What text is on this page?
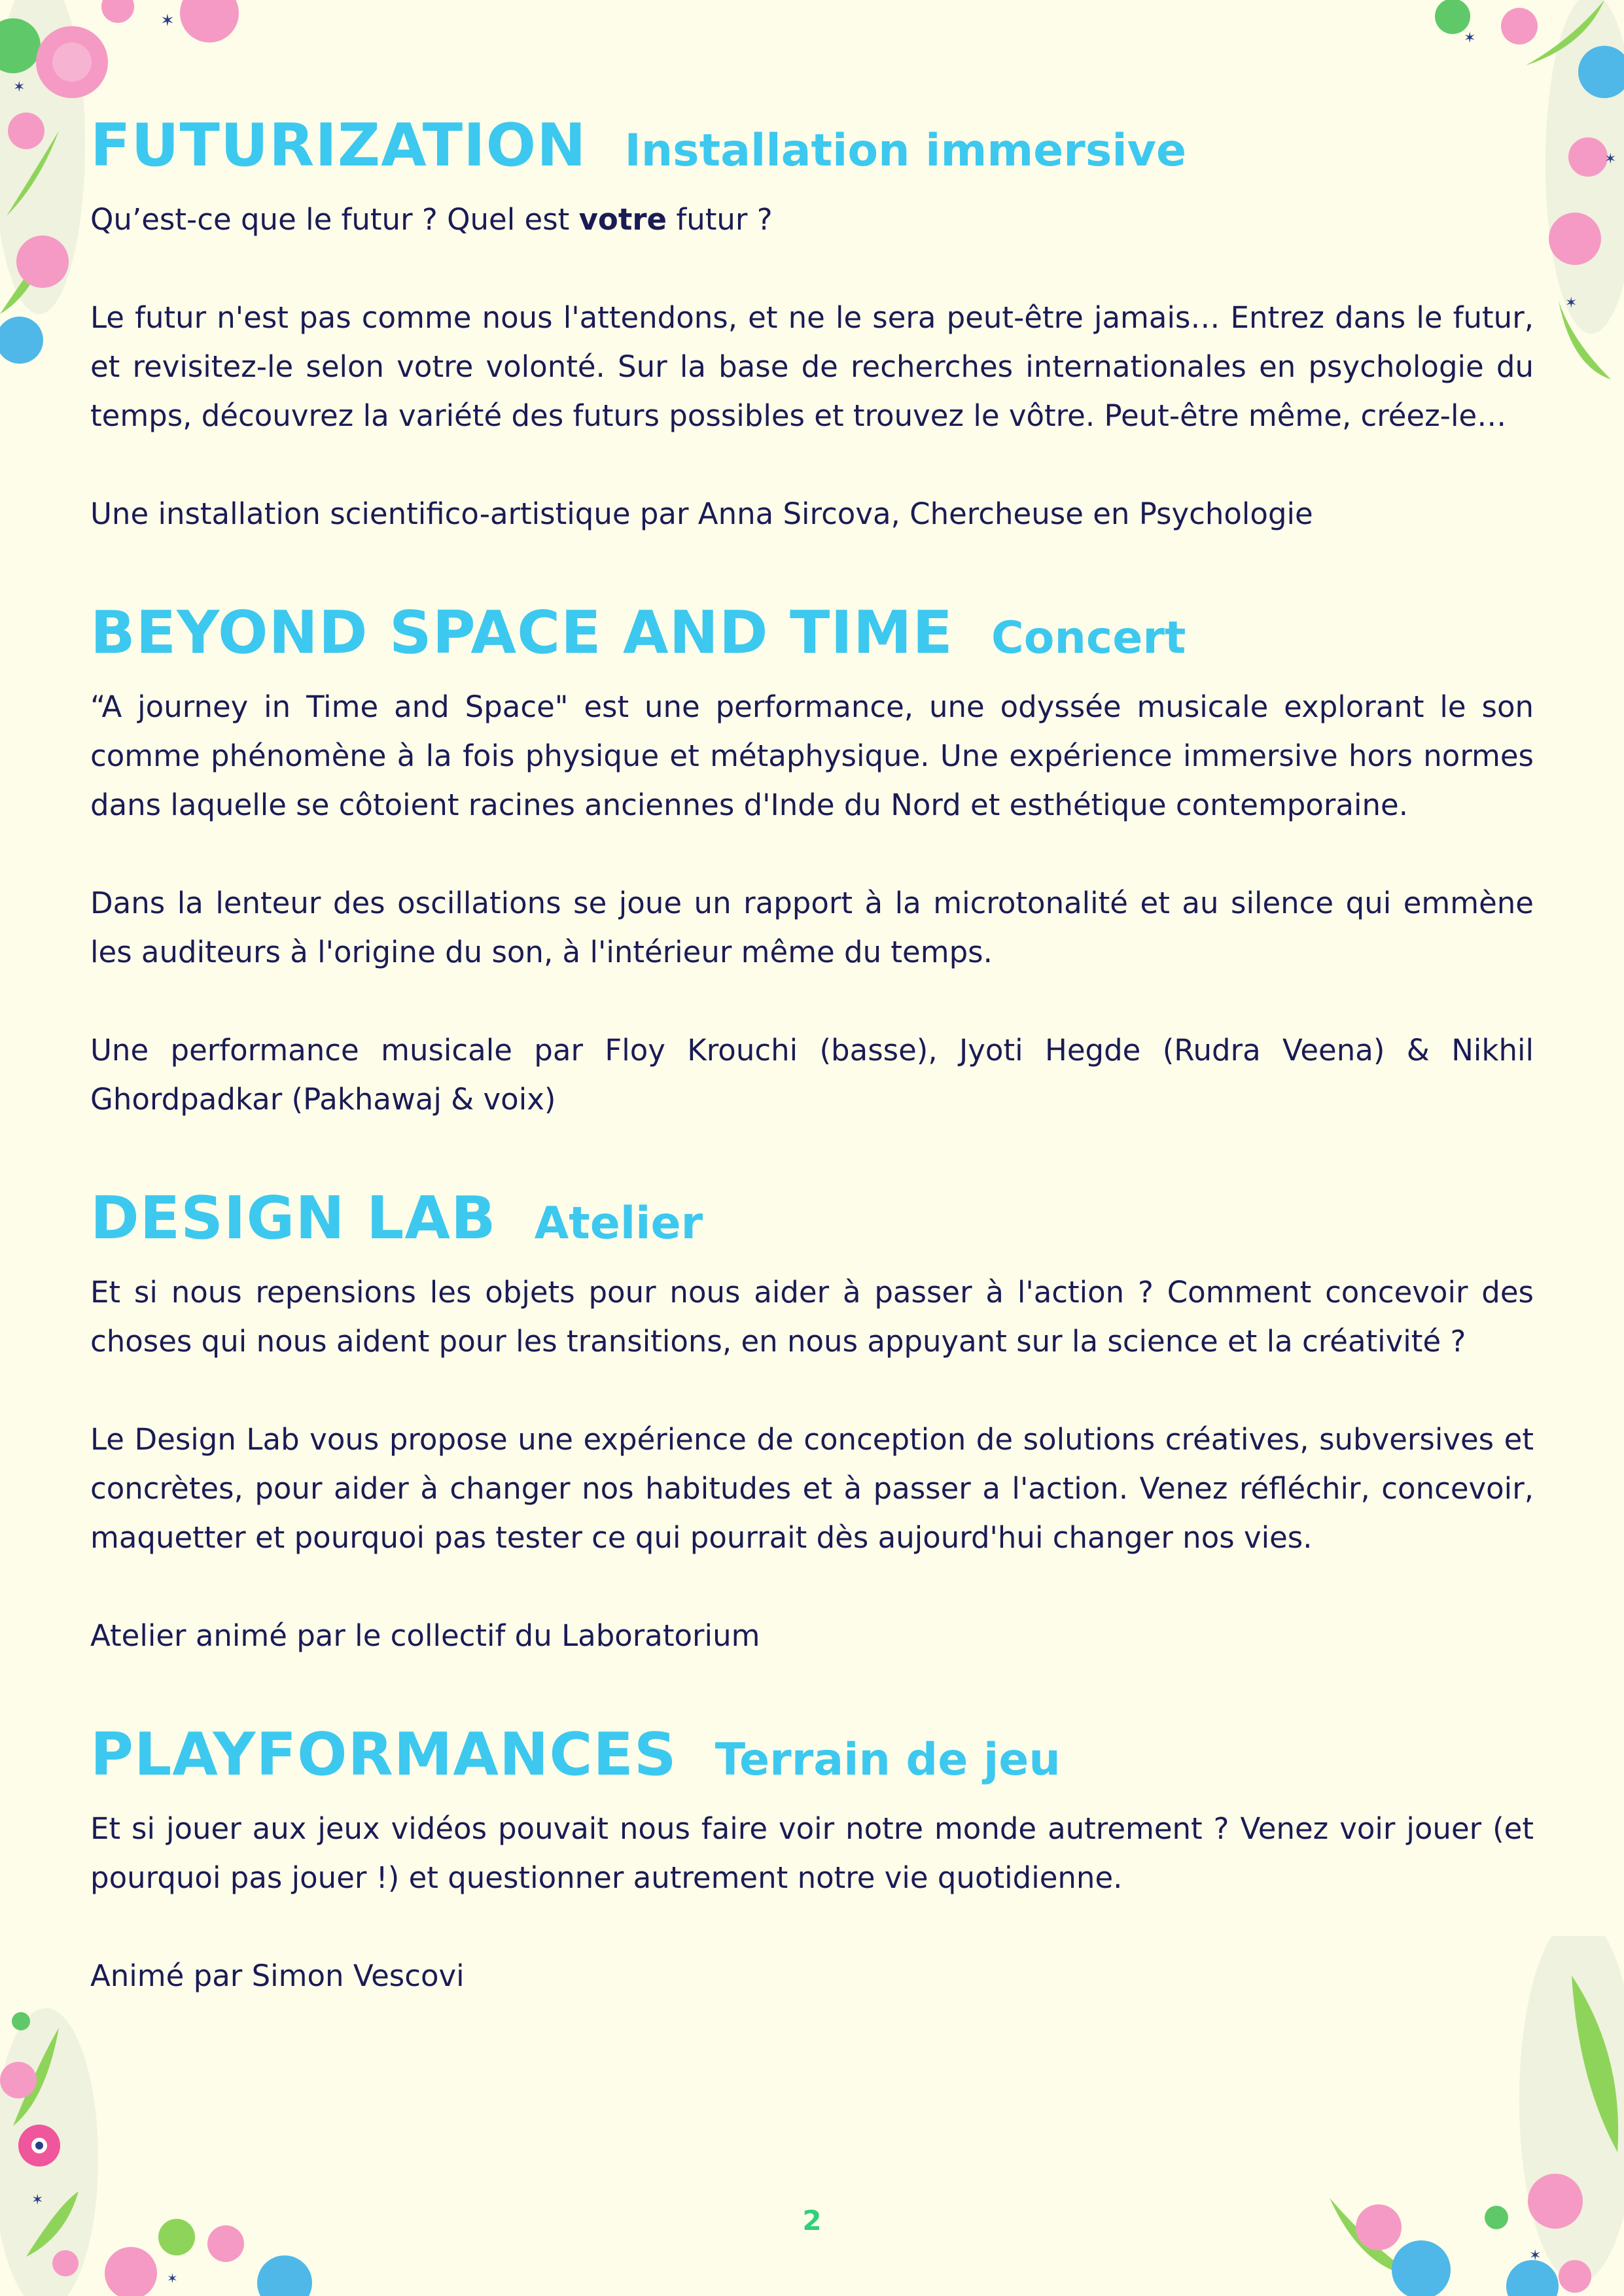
✶
✶
✶
✶
✶
✶
✶
✶
FUTURIZATION Installation immersive

Qu’est-ce que le futur ? Quel est votre futur ?

Le futur n'est pas comme nous l'attendons, et ne le sera peut-être jamais… Entrez dans le futur, et revisitez-le selon votre volonté. Sur la base de recherches internationales en psychologie du temps, découvrez la variété des futurs possibles et trouvez le vôtre. Peut-être même, créez-le…

Une installation scientifico-artistique par Anna Sircova, Chercheuse en Psychologie

BEYOND SPACE AND TIME Concert

“A journey in Time and Space" est une performance, une odyssée musicale explorant le son comme phénomène à la fois physique et métaphysique. Une expérience immersive hors normes dans laquelle se côtoient racines anciennes d'Inde du Nord et esthétique contemporaine.

Dans la lenteur des oscillations se joue un rapport à la microtonalité et au silence qui emmène les auditeurs à l'origine du son, à l'intérieur même du temps.

Une performance musicale par Floy Krouchi (basse), Jyoti Hegde (Rudra Veena) & Nikhil Ghordpadkar (Pakhawaj & voix)

DESIGN LAB Atelier

Et si nous repensions les objets pour nous aider à passer à l'action ? Comment concevoir des choses qui nous aident pour les transitions, en nous appuyant sur la science et la créativité ?

Le Design Lab vous propose une expérience de conception de solutions créatives, subversives et concrètes, pour aider à changer nos habitudes et à passer a l'action. Venez réfléchir, concevoir, maquetter et pourquoi pas tester ce qui pourrait dès aujourd'hui changer nos vies.

Atelier animé par le collectif du Laboratorium

PLAYFORMANCES Terrain de jeu

Et si jouer aux jeux vidéos pouvait nous faire voir notre monde autrement ? Venez voir jouer (et pourquoi pas jouer !) et questionner autrement notre vie quotidienne.

Animé par Simon Vescovi

2
